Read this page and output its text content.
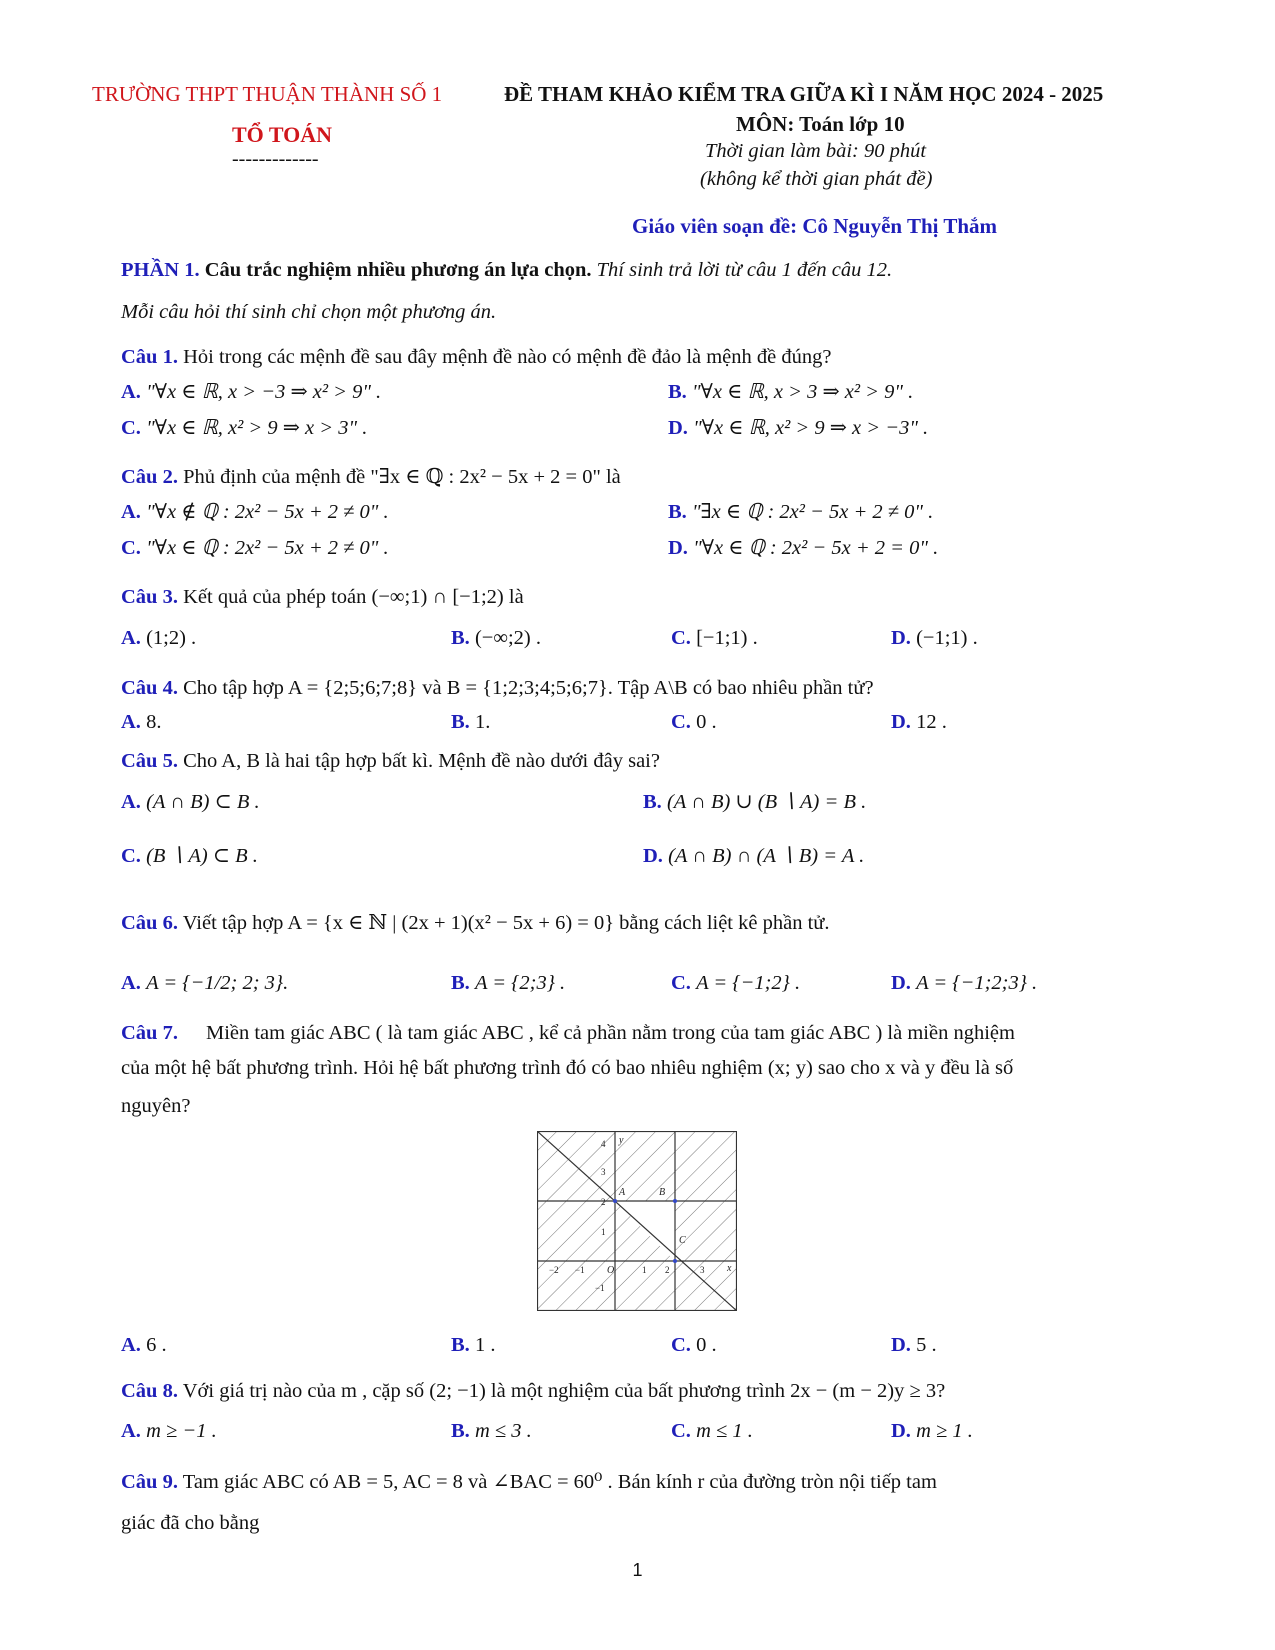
TRƯỜNG THPT THUẬN THÀNH SỐ 1	ĐỀ THAM KHẢO KIỂM TRA GIỮA KÌ I NĂM HỌC 2024 - 2025
TỔ TOÁN
-------------
MÔN: Toán lớp 10
Thời gian làm bài: 90 phút
(không kể thời gian phát đề)
Giáo viên soạn đề: Cô Nguyễn Thị Thắm
PHẦN 1. Câu trắc nghiệm nhiều phương án lựa chọn. Thí sinh trả lời từ câu 1 đến câu 12.
Mỗi câu hỏi thí sinh chỉ chọn một phương án.
Câu 1. Hỏi trong các mệnh đề sau đây mệnh đề nào có mệnh đề đảo là mệnh đề đúng?
A. "∀x ∈ ℝ, x > −3 ⇒ x² > 9" .	B. "∀x ∈ ℝ, x > 3 ⇒ x² > 9" .
C. "∀x ∈ ℝ, x² > 9 ⇒ x > 3" .	D. "∀x ∈ ℝ, x² > 9 ⇒ x > −3" .
Câu 2. Phủ định của mệnh đề "∃x ∈ ℚ : 2x² − 5x + 2 = 0" là
A. "∀x ∉ ℚ : 2x² − 5x + 2 ≠ 0" .	B. "∃x ∈ ℚ : 2x² − 5x + 2 ≠ 0" .
C. "∀x ∈ ℚ : 2x² − 5x + 2 ≠ 0" .	D. "∀x ∈ ℚ : 2x² − 5x + 2 = 0" .
Câu 3. Kết quả của phép toán (−∞;1) ∩ [−1;2) là
A. (1;2) .	B. (−∞;2) .	C. [−1;1) .	D. (−1;1) .
Câu 4. Cho tập hợp A = {2;5;6;7;8} và B = {1;2;3;4;5;6;7}. Tập A\B có bao nhiêu phần tử?
A. 8.	B. 1.	C. 0 .	D. 12 .
Câu 5. Cho A, B là hai tập hợp bất kì. Mệnh đề nào dưới đây sai?
A. (A ∩ B) ⊂ B .	B. (A ∩ B) ∪ (B ∖ A) = B .
C. (B ∖ A) ⊂ B .	D. (A ∩ B) ∩ (A ∖ B) = A .
Câu 6. Viết tập hợp A = {x ∈ ℕ | (2x + 1)(x² − 5x + 6) = 0} bằng cách liệt kê phần tử.
A. A = {−1/2; 2; 3}.	B. A = {2;3} .	C. A = {−1;2} .	D. A = {−1;2;3} .
Câu 7. Miền tam giác ABC ( là tam giác ABC , kể cả phần nằm trong của tam giác ABC ) là miền nghiệm
của một hệ bất phương trình. Hỏi hệ bất phương trình đó có bao nhiêu nghiệm (x; y) sao cho x và y đều là số
nguyên?
A	B
C
y
x
O
−2 −1	1 2	3
4
3
2
1
−1
A. 6 .	B. 1 .	C. 0 .	D. 5 .
Câu 8. Với giá trị nào của m , cặp số (2; −1) là một nghiệm của bất phương trình 2x − (m − 2)y ≥ 3?
A. m ≥ −1 .	B. m ≤ 3 .	C. m ≤ 1 .	D. m ≥ 1 .
Câu 9. Tam giác ABC có AB = 5, AC = 8 và ∠BAC = 60⁰ . Bán kính r của đường tròn nội tiếp tam
giác đã cho bằng
1
